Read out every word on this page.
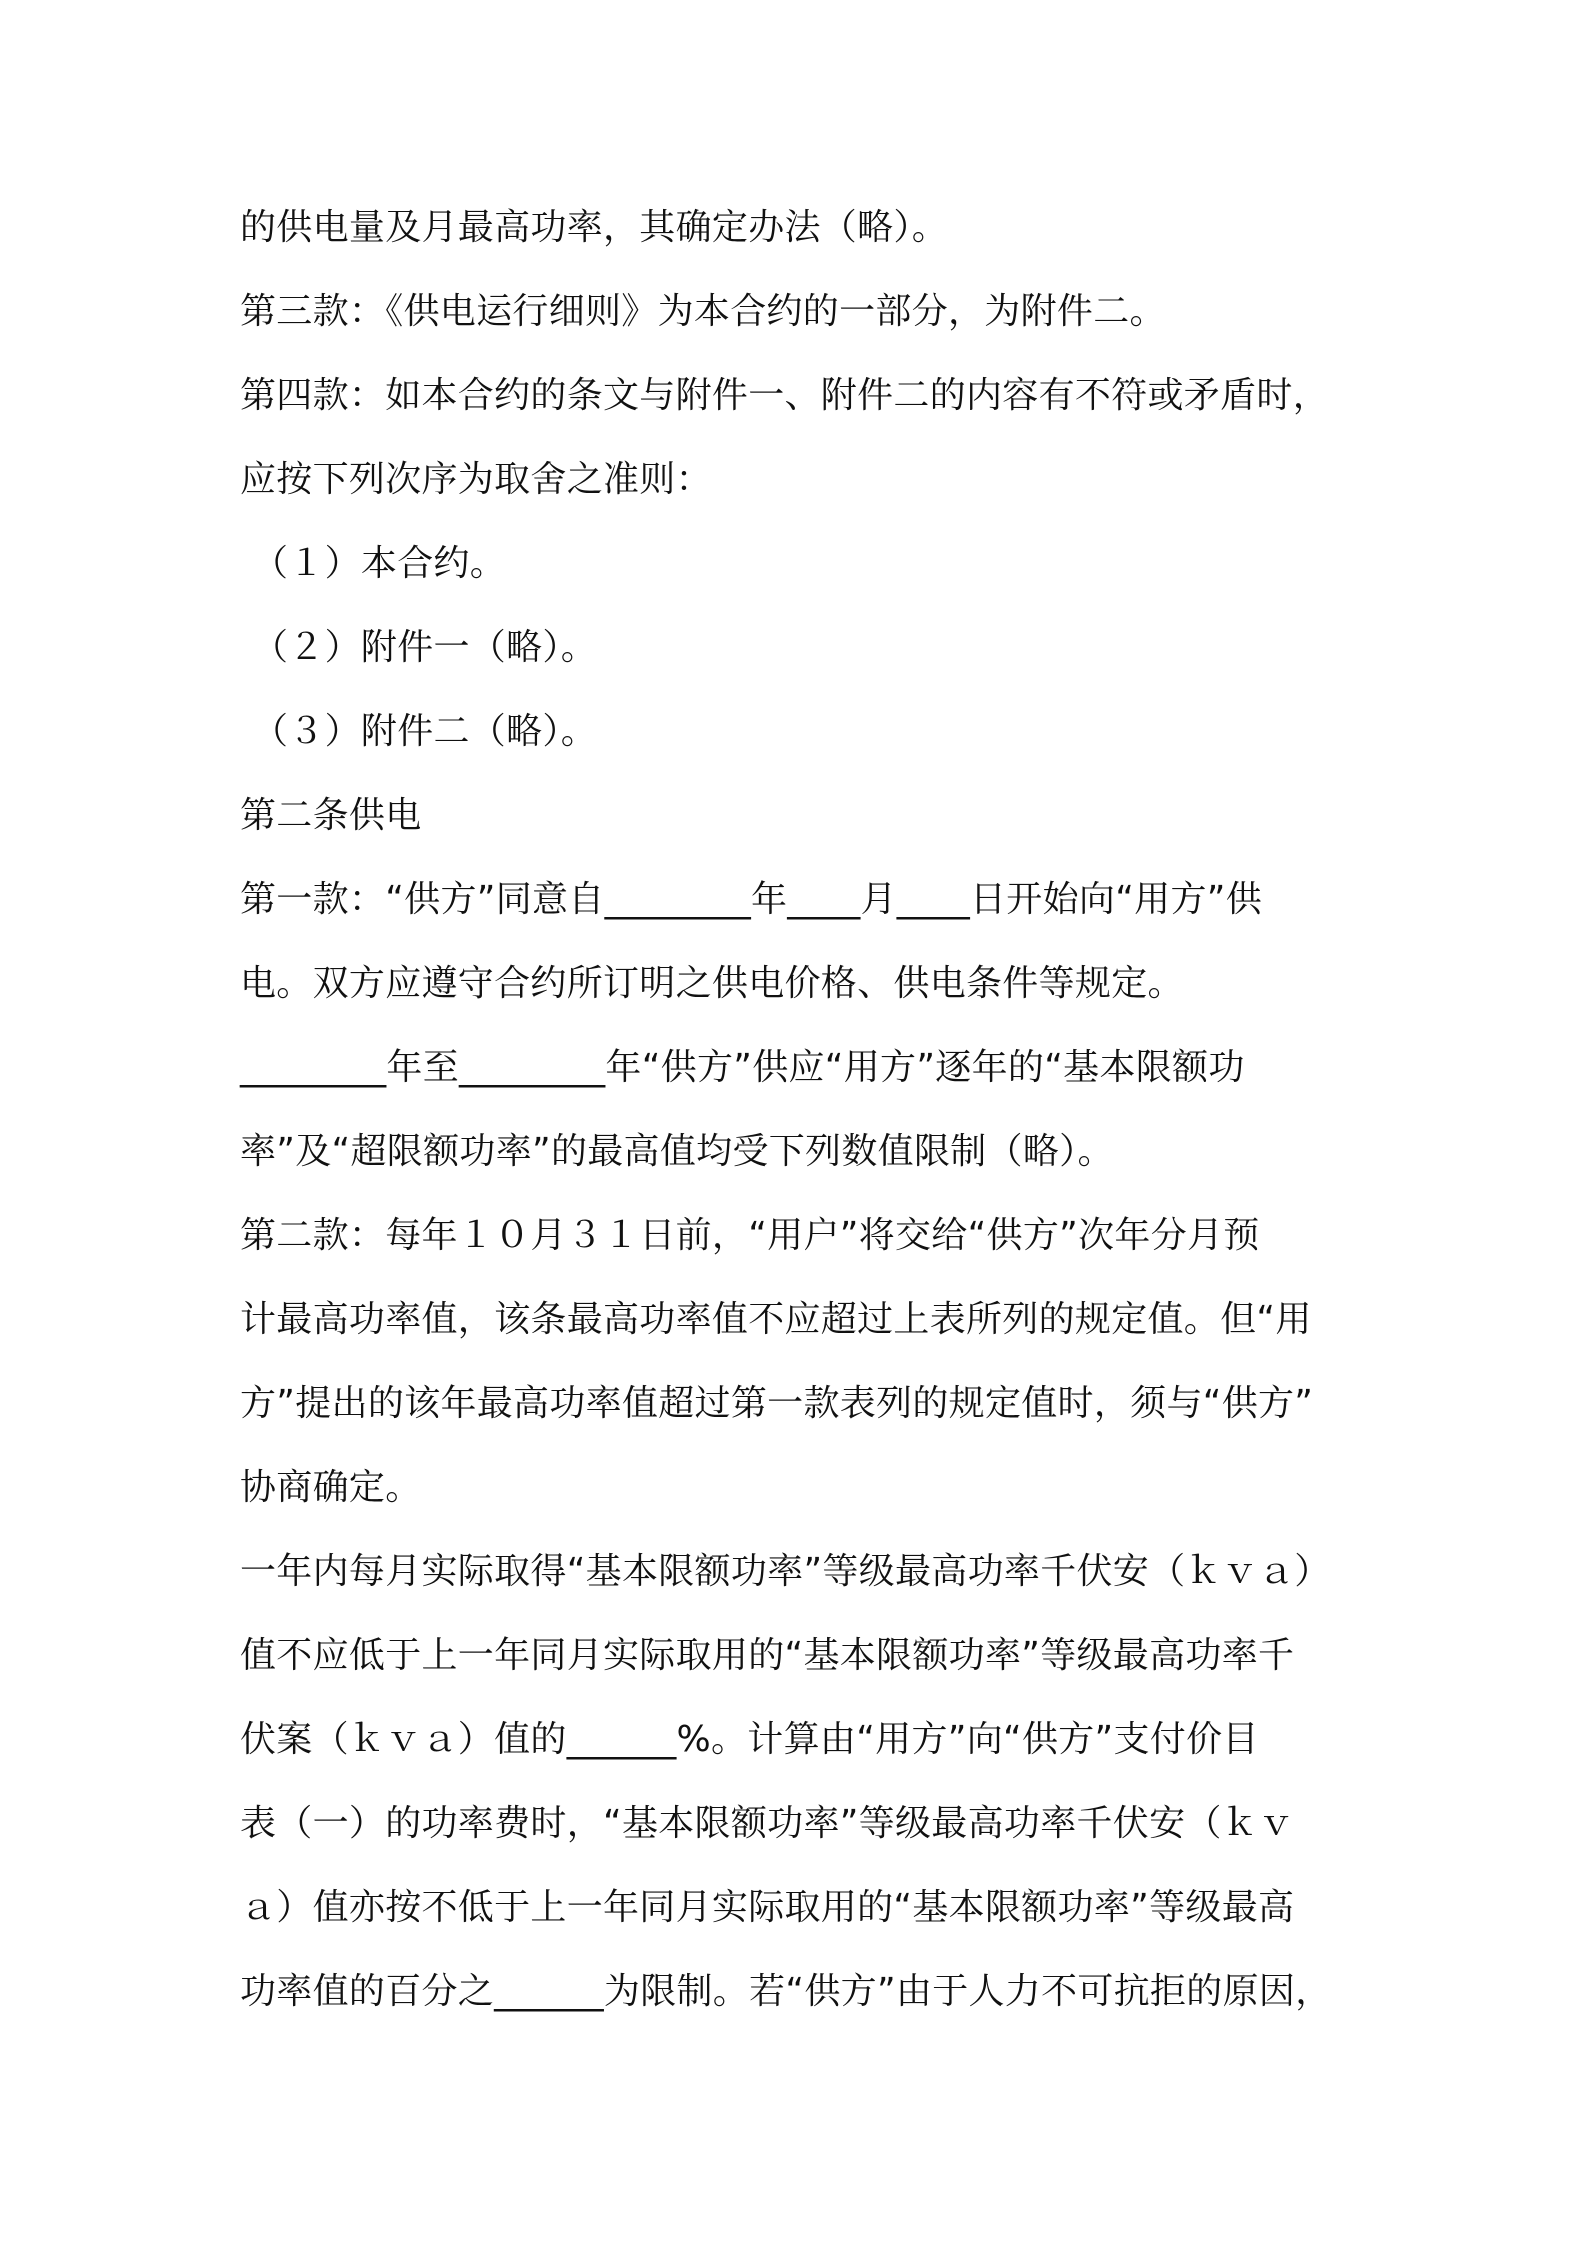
的供电量及月最高功率，其确定办法（略）。
第三款：《供电运行细则》为本合约的一部分，为附件二。
第四款：如本合约的条文与附件一、附件二的内容有不符或矛盾时，
应按下列次序为取舍之准则：
（１）本合约。
（２）附件一（略）。
（３）附件二（略）。
第二条供电
第一款：“供方”同意自________年____月____日开始向“用方”供
电。双方应遵守合约所订明之供电价格、供电条件等规定。
________年至________年“供方”供应“用方”逐年的“基本限额功
率”及“超限额功率”的最高值均受下列数值限制（略）。
第二款：每年１０月３１日前，“用户”将交给“供方”次年分月预
计最高功率值，该条最高功率值不应超过上表所列的规定值。但“用
方”提出的该年最高功率值超过第一款表列的规定值时，须与“供方”
协商确定。
一年内每月实际取得“基本限额功率”等级最高功率千伏安（ｋｖａ）
值不应低于上一年同月实际取用的“基本限额功率”等级最高功率千
伏案（ｋｖａ）值的______%。计算由“用方”向“供方”支付价目
表（一）的功率费时，“基本限额功率”等级最高功率千伏安（ｋｖ
ａ）值亦按不低于上一年同月实际取用的“基本限额功率”等级最高
功率值的百分之______为限制。若“供方”由于人力不可抗拒的原因，
